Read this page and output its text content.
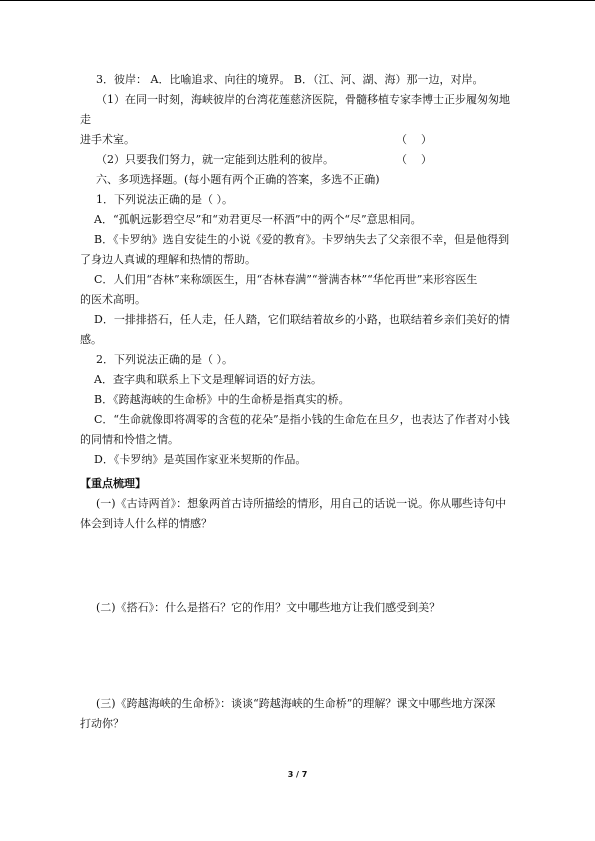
3．彼岸： A．比喻追求、向往的境界。 B．（江、河、湖、海）那一边，对岸。

（1）在同一时刻，海峡彼岸的台湾花莲慈济医院，骨髓移植专家李博士正步履匆匆地走

进手术室。	（    ）

（2）只要我们努力，就一定能到达胜利的彼岸。	（    ）

六、多项选择题。(每小题有两个正确的答案，多选不正确)

1．下列说法正确的是（ ）。

A．“孤帆远影碧空尽”和“劝君更尽一杯酒”中的两个“尽”意思相同。

B．《卡罗纳》选自安徒生的小说《爱的教育》。卡罗纳失去了父亲很不幸，但是他得到

了身边人真诚的理解和热情的帮助。

C．人们用“杏林”来称颂医生，用“杏林春满”“誉满杏林”“华佗再世”来形容医生

的医术高明。

D．一排排搭石，任人走，任人踏，它们联结着故乡的小路，也联结着乡亲们美好的情

感。

2．下列说法正确的是（ ）。

A．查字典和联系上下文是理解词语的好方法。

B．《跨越海峡的生命桥》中的生命桥是指真实的桥。

C．“生命就像即将凋零的含苞的花朵”是指小钱的生命危在旦夕，也表达了作者对小钱

的同情和怜惜之情。

D．《卡罗纳》是英国作家亚米契斯的作品。

【重点梳理】

(一)《古诗两首》：想象两首古诗所描绘的情形，用自己的话说一说。你从哪些诗句中

体会到诗人什么样的情感？

(二)《搭石》：什么是搭石？它的作用？文中哪些地方让我们感受到美？

(三)《跨越海峡的生命桥》：谈谈“跨越海峡的生命桥”的理解？课文中哪些地方深深

打动你？

3 / 7
